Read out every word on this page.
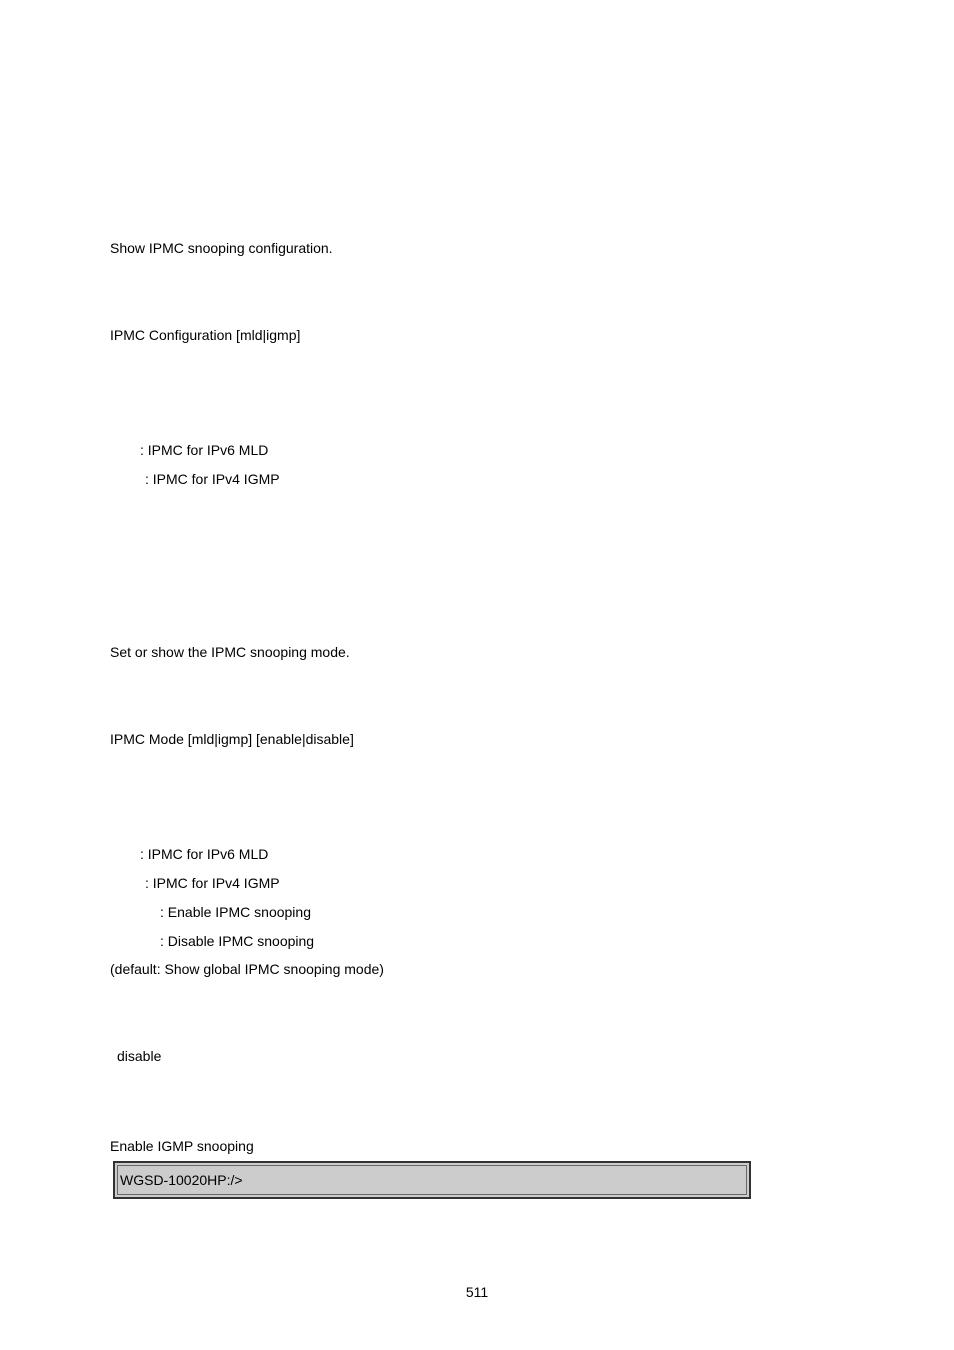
Show IPMC snooping configuration.
IPMC Configuration [mld|igmp]
: IPMC for IPv6 MLD
: IPMC for IPv4 IGMP
Set or show the IPMC snooping mode.
IPMC Mode [mld|igmp] [enable|disable]
: IPMC for IPv6 MLD
: IPMC for IPv4 IGMP
: Enable IPMC snooping
: Disable IPMC snooping
(default: Show global IPMC snooping mode)
disable
Enable IGMP snooping
WGSD-10020HP:/>
511
